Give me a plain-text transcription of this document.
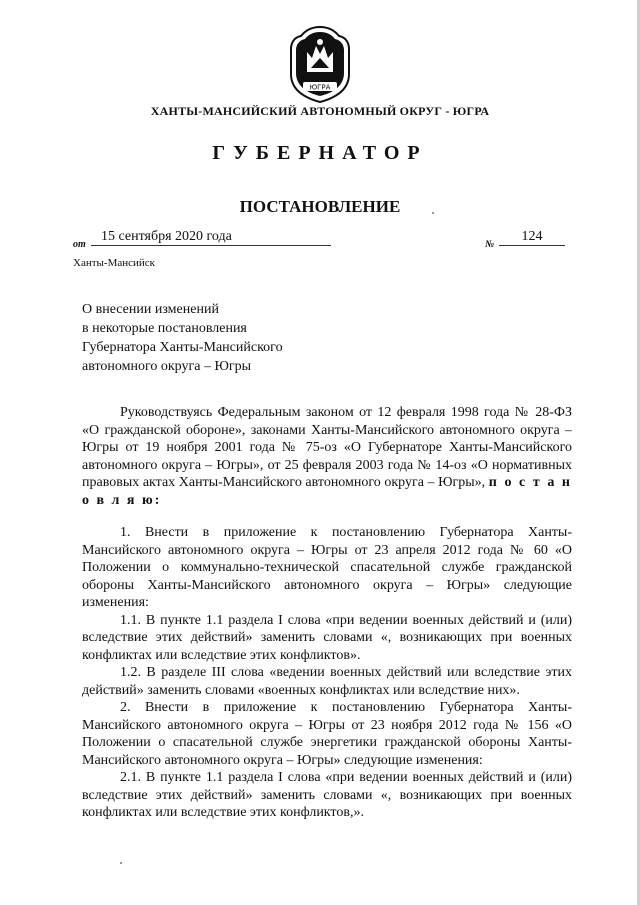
ЮГРА
ХАНТЫ-МАНСИЙСКИЙ АВТОНОМНЫЙ ОКРУГ - ЮГРА
ГУБЕРНАТОР
ПОСТАНОВЛЕНИЕ
от
15 сентября 2020 года
№
124
Ханты-Мансийск
О внесении изменений
в некоторые постановления
Губернатора Ханты-Мансийского
автономного округа – Югры

Руководствуясь Федеральным законом от 12 февраля 1998 года № 28-ФЗ «О гражданской обороне», законами Ханты-Мансийского автономного округа – Югры от 19 ноября 2001 года № 75-оз «О Губернаторе Ханты-Мансийского автономного округа – Югры», от 25 февраля 2003 года № 14-оз «О нормативных правовых актах Ханты-Мансийского автономного округа – Югры», п о с т а н о в л я ю:

1. Внести в приложение к постановлению Губернатора Ханты-Мансийского автономного округа – Югры от 23 апреля 2012 года № 60 «О Положении о коммунально-технической спасательной службе гражданской обороны Ханты-Мансийского автономного округа – Югры» следующие изменения:

1.1. В пункте 1.1 раздела I слова «при ведении военных действий и (или) вследствие этих действий» заменить словами «, возникающих при военных конфликтах или вследствие этих конфликтов».

1.2. В разделе III слова «ведении военных действий или вследствие этих действий» заменить словами «военных конфликтах или вследствие них».

2. Внести в приложение к постановлению Губернатора Ханты-Мансийского автономного округа – Югры от 23 ноября 2012 года № 156 «О Положении о спасательной службе энергетики гражданской обороны Ханты-Мансийского автономного округа – Югры» следующие изменения:

2.1. В пункте 1.1 раздела I слова «при ведении военных действий и (или) вследствие этих действий» заменить словами «, возникающих при военных конфликтах или вследствие этих конфликтов,».
